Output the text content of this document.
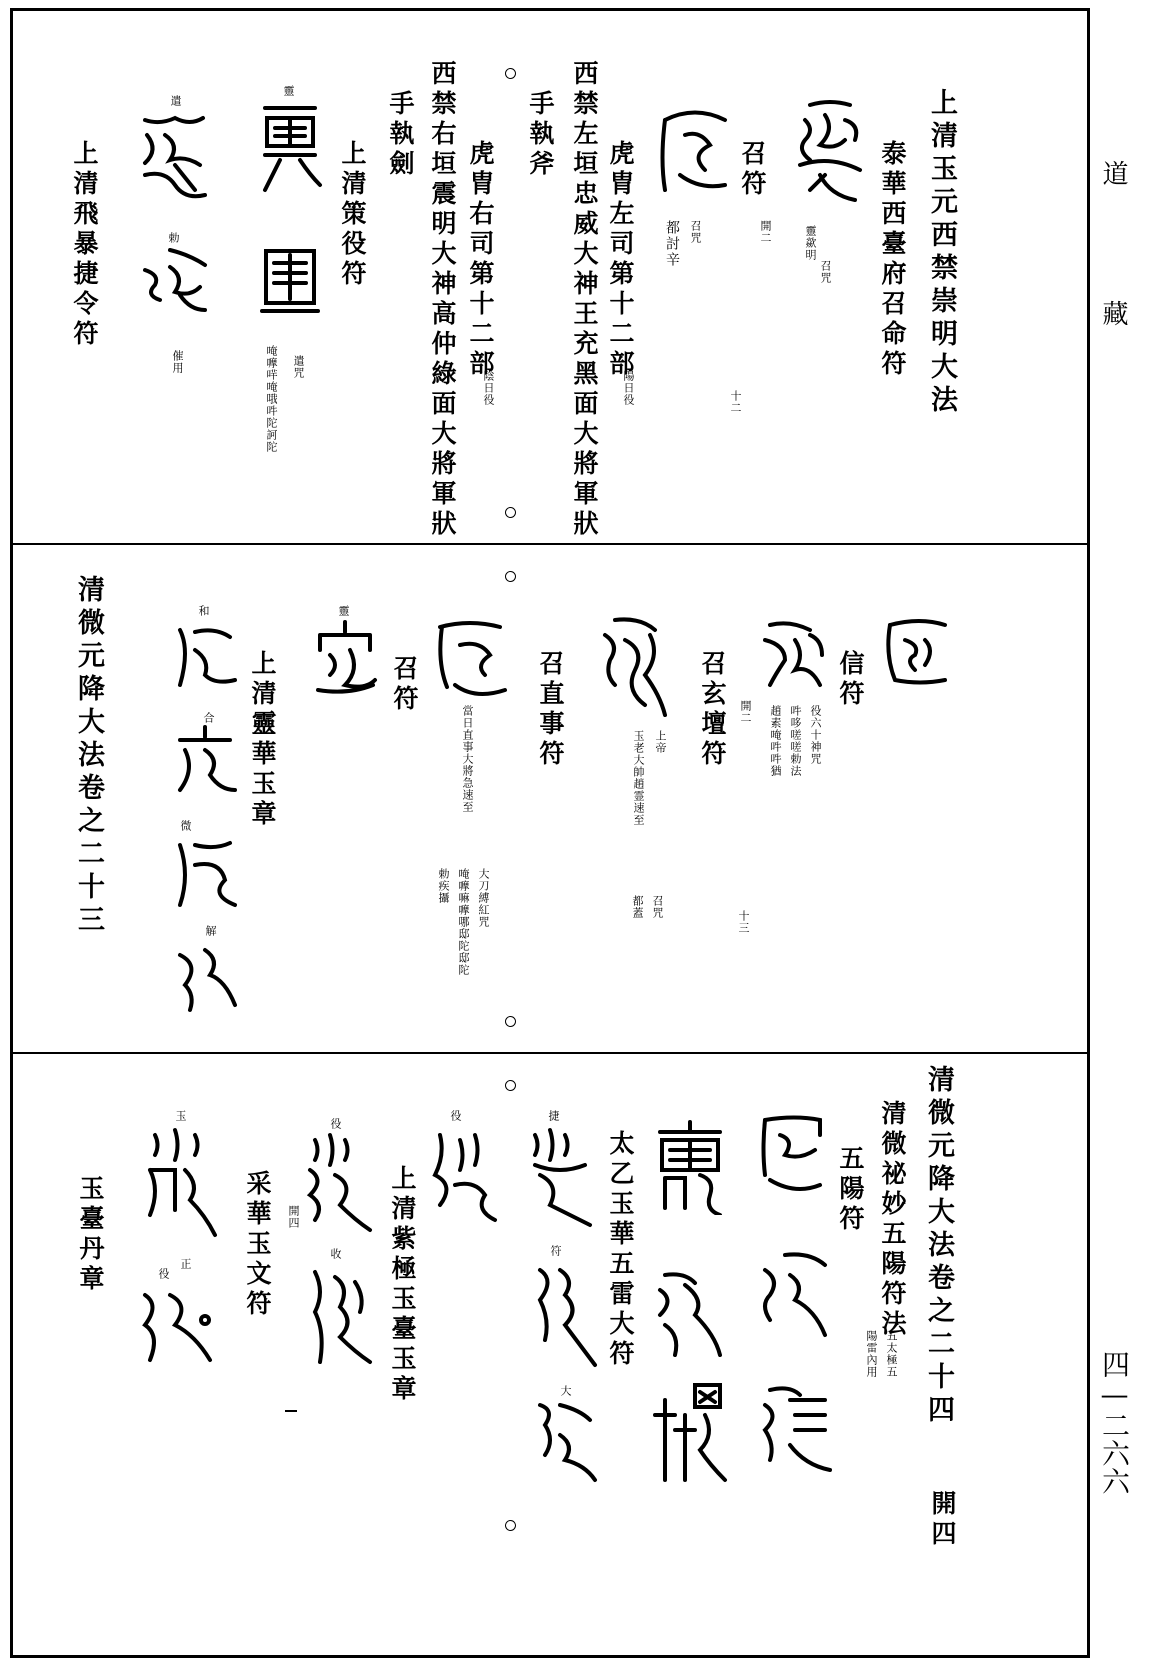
道
藏
四—二六六
上清玉元西禁崇明大法
泰華西臺府召命符
召咒
靈歘明
開二
召符
召咒
都討辛
十二
西禁左垣忠威大神王充黑面大將軍狀
手執斧
虎胄左司第十二部
陽日役
西禁右垣震明大神高仲綠面大將軍狀
手執劍
虎胄右司第十二部
陰日役
上清策役符
靈
遣咒
唵嚤哶唵哦吽陀訶陀
遣
勅
催用
上清飛暴捷令符
信符
役六十神咒
吽哆嗟嗟勅法
趙素唵吽吽猶
開二
召玄壇符
上帝
玉老大帥趙霊速至
召咒
都蓋
十三
召直事符
當日直事大將急速至
大刀縛紅咒
唵嚤嘛嚤哪邸陀邸陀
勅疾攝
召符
靈
上清靈華玉章
和
合
微
解
清微元降大法卷之二十三
清微元降大法卷之二十四
清微祕妙五陽符法
五太極五
陽雷內用
五陽符
開四
太乙玉華五雷大符
捷
符
大
役
上清紫極玉臺玉章
役
收
采華玉文符 開四
玉
正
役
玉臺丹章
